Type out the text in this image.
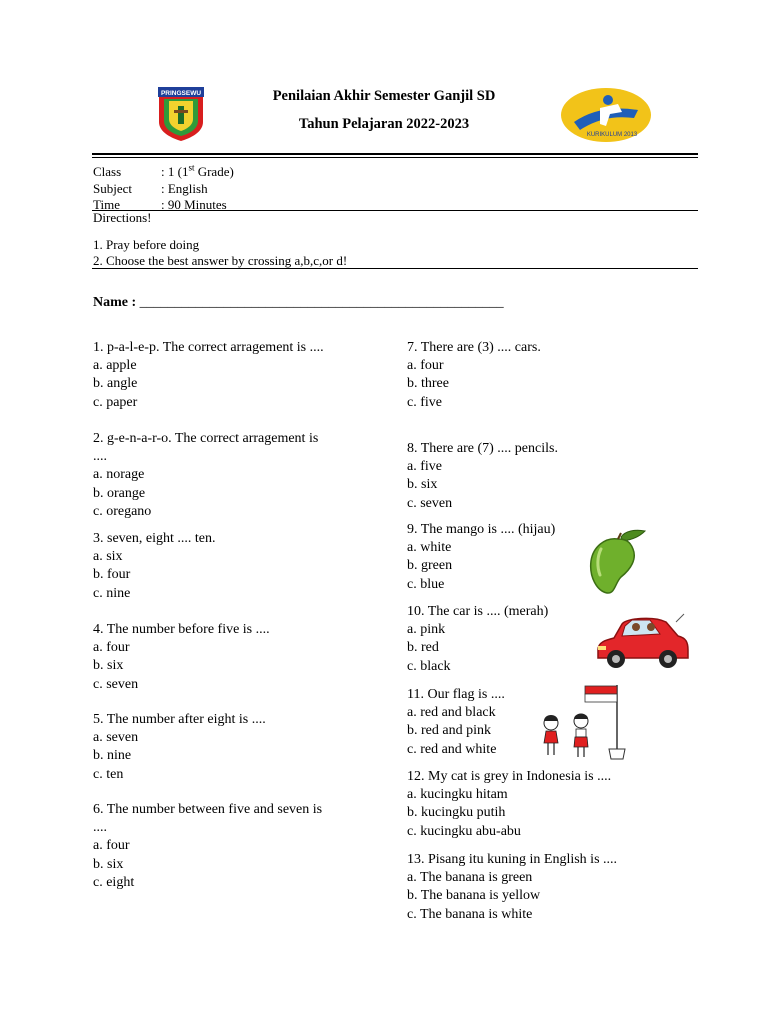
PRINGSEWU
KURIKULUM 2013
Penilaian Akhir Semester Ganjil SD
Tahun Pelajaran 2022-2023
Class	: 1 (1st Grade)
Subject : English
Time	: 90 Minutes
Directions!
1. Pray before doing
2. Choose the best answer by crossing a,b,c,or d!
Name : ____________________________________________________
1. p-a-l-e-p. The correct arragement is ....
a. apple
b. angle
c. paper
2. g-e-n-a-r-o. The correct arragement is
....
a. norage
b. orange
c. oregano
3. seven, eight .... ten.
a. six
b. four
c. nine
4. The number before five is ....
a. four
b. six
c. seven
5. The number after eight is ....
a. seven
b. nine
c. ten
6. The number between five and seven is
....
a. four
b. six
c. eight
7. There are (3) .... cars.
a. four
b. three
c. five
8. There are (7) .... pencils.
a. five
b. six
c. seven
9. The mango is .... (hijau)
a. white
b. green
c. blue
10. The car is .... (merah)
a. pink
b. red
c. black
11. Our flag is ....
a. red and black
b. red and pink
c. red and white
12. My cat is grey in Indonesia is ....
a. kucingku hitam
b. kucingku putih
c. kucingku abu-abu
13. Pisang itu kuning in English is ....
a. The banana is green
b. The banana is yellow
c. The banana is white
